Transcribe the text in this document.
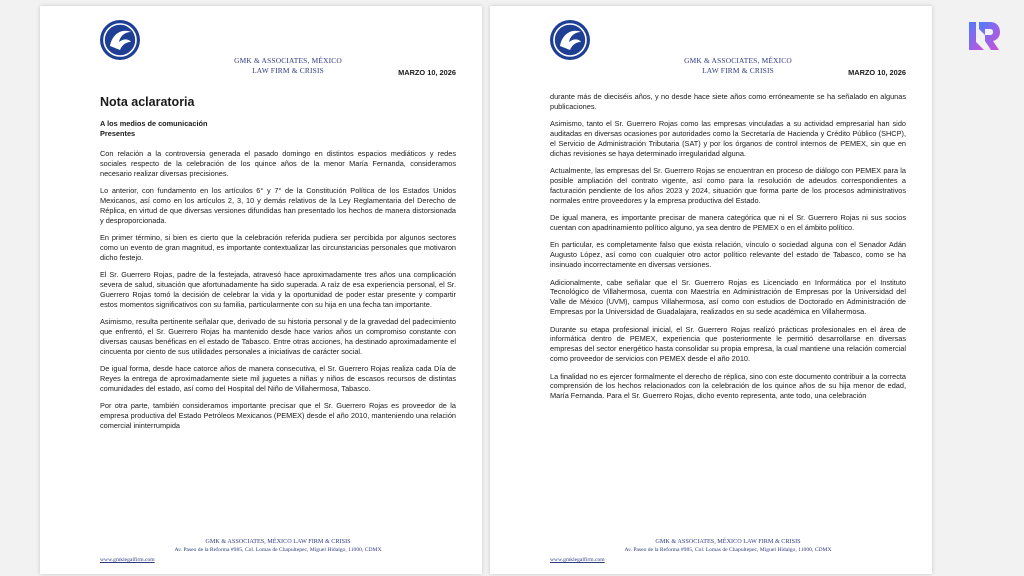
GMK & ASSOCIATES, MÉXICO
LAW FIRM & CRISIS	MARZO 10, 2026

Nota aclaratoria

A los medios de comunicación
Presentes

Con relación a la controversia generada el pasado domingo en distintos espacios mediáticos y redes sociales respecto de la celebración de los quince años de la menor María Fernanda, consideramos necesario realizar diversas precisiones.

Lo anterior, con fundamento en los artículos 6° y 7° de la Constitución Política de los Estados Unidos Mexicanos, así como en los artículos 2, 3, 10 y demás relativos de la Ley Reglamentaria del Derecho de Réplica, en virtud de que diversas versiones difundidas han presentado los hechos de manera distorsionada y desproporcionada.

En primer término, si bien es cierto que la celebración referida pudiera ser percibida por algunos sectores como un evento de gran magnitud, es importante contextualizar las circunstancias personales que motivaron dicho festejo.

El Sr. Guerrero Rojas, padre de la festejada, atravesó hace aproximadamente tres años una complicación severa de salud, situación que afortunadamente ha sido superada. A raíz de esa experiencia personal, el Sr. Guerrero Rojas tomó la decisión de celebrar la vida y la oportunidad de poder estar presente y compartir estos momentos significativos con su familia, particularmente con su hija en una fecha tan importante.

Asimismo, resulta pertinente señalar que, derivado de su historia personal y de la gravedad del padecimiento que enfrentó, el Sr. Guerrero Rojas ha mantenido desde hace varios años un compromiso constante con diversas causas benéficas en el estado de Tabasco. Entre otras acciones, ha destinado aproximadamente el cincuenta por ciento de sus utilidades personales a iniciativas de carácter social.

De igual forma, desde hace catorce años de manera consecutiva, el Sr. Guerrero Rojas realiza cada Día de Reyes la entrega de aproximadamente siete mil juguetes a niñas y niños de escasos recursos de distintas comunidades del estado, así como del Hospital del Niño de Villahermosa, Tabasco.

Por otra parte, también consideramos importante precisar que el Sr. Guerrero Rojas es proveedor de la empresa productiva del Estado Petróleos Mexicanos (PEMEX) desde el año 2010, manteniendo una relación comercial ininterrumpida

GMK & ASSOCIATES, MÉXICO LAW FIRM & CRISIS
Av. Paseo de la Reforma #985, Col. Lomas de Chapultepec, Miguel Hidalgo, 11000, CDMX
www.gmklegalfirm.com
GMK & ASSOCIATES, MÉXICO
LAW FIRM & CRISIS	MARZO 10, 2026

durante más de dieciséis años, y no desde hace siete años como erróneamente se ha señalado en algunas publicaciones.

Asimismo, tanto el Sr. Guerrero Rojas como las empresas vinculadas a su actividad empresarial han sido auditadas en diversas ocasiones por autoridades como la Secretaría de Hacienda y Crédito Público (SHCP), el Servicio de Administración Tributaria (SAT) y por los órganos de control internos de PEMEX, sin que en dichas revisiones se haya determinado irregularidad alguna.

Actualmente, las empresas del Sr. Guerrero Rojas se encuentran en proceso de diálogo con PEMEX para la posible ampliación del contrato vigente, así como para la resolución de adeudos correspondientes a facturación pendiente de los años 2023 y 2024, situación que forma parte de los procesos administrativos normales entre proveedores y la empresa productiva del Estado.

De igual manera, es importante precisar de manera categórica que ni el Sr. Guerrero Rojas ni sus socios cuentan con apadrinamiento político alguno, ya sea dentro de PEMEX o en el ámbito político.

En particular, es completamente falso que exista relación, vínculo o sociedad alguna con el Senador Adán Augusto López, así como con cualquier otro actor político relevante del estado de Tabasco, como se ha insinuado incorrectamente en diversas versiones.

Adicionalmente, cabe señalar que el Sr. Guerrero Rojas es Licenciado en Informática por el Instituto Tecnológico de Villahermosa, cuenta con Maestría en Administración de Empresas por la Universidad del Valle de México (UVM), campus Villahermosa, así como con estudios de Doctorado en Administración de Empresas por la Universidad de Guadalajara, realizados en su sede académica en Villahermosa.

Durante su etapa profesional inicial, el Sr. Guerrero Rojas realizó prácticas profesionales en el área de informática dentro de PEMEX, experiencia que posteriormente le permitió desarrollarse en diversas empresas del sector energético hasta consolidar su propia empresa, la cual mantiene una relación comercial como proveedor de servicios con PEMEX desde el año 2010.

La finalidad no es ejercer formalmente el derecho de réplica, sino con este documento contribuir a la correcta comprensión de los hechos relacionados con la celebración de los quince años de su hija menor de edad, María Fernanda. Para el Sr. Guerrero Rojas, dicho evento representa, ante todo, una celebración

GMK & ASSOCIATES, MÉXICO LAW FIRM & CRISIS
Av. Paseo de la Reforma #985, Col. Lomas de Chapultepec, Miguel Hidalgo, 11000, CDMX
www.gmklegalfirm.com
